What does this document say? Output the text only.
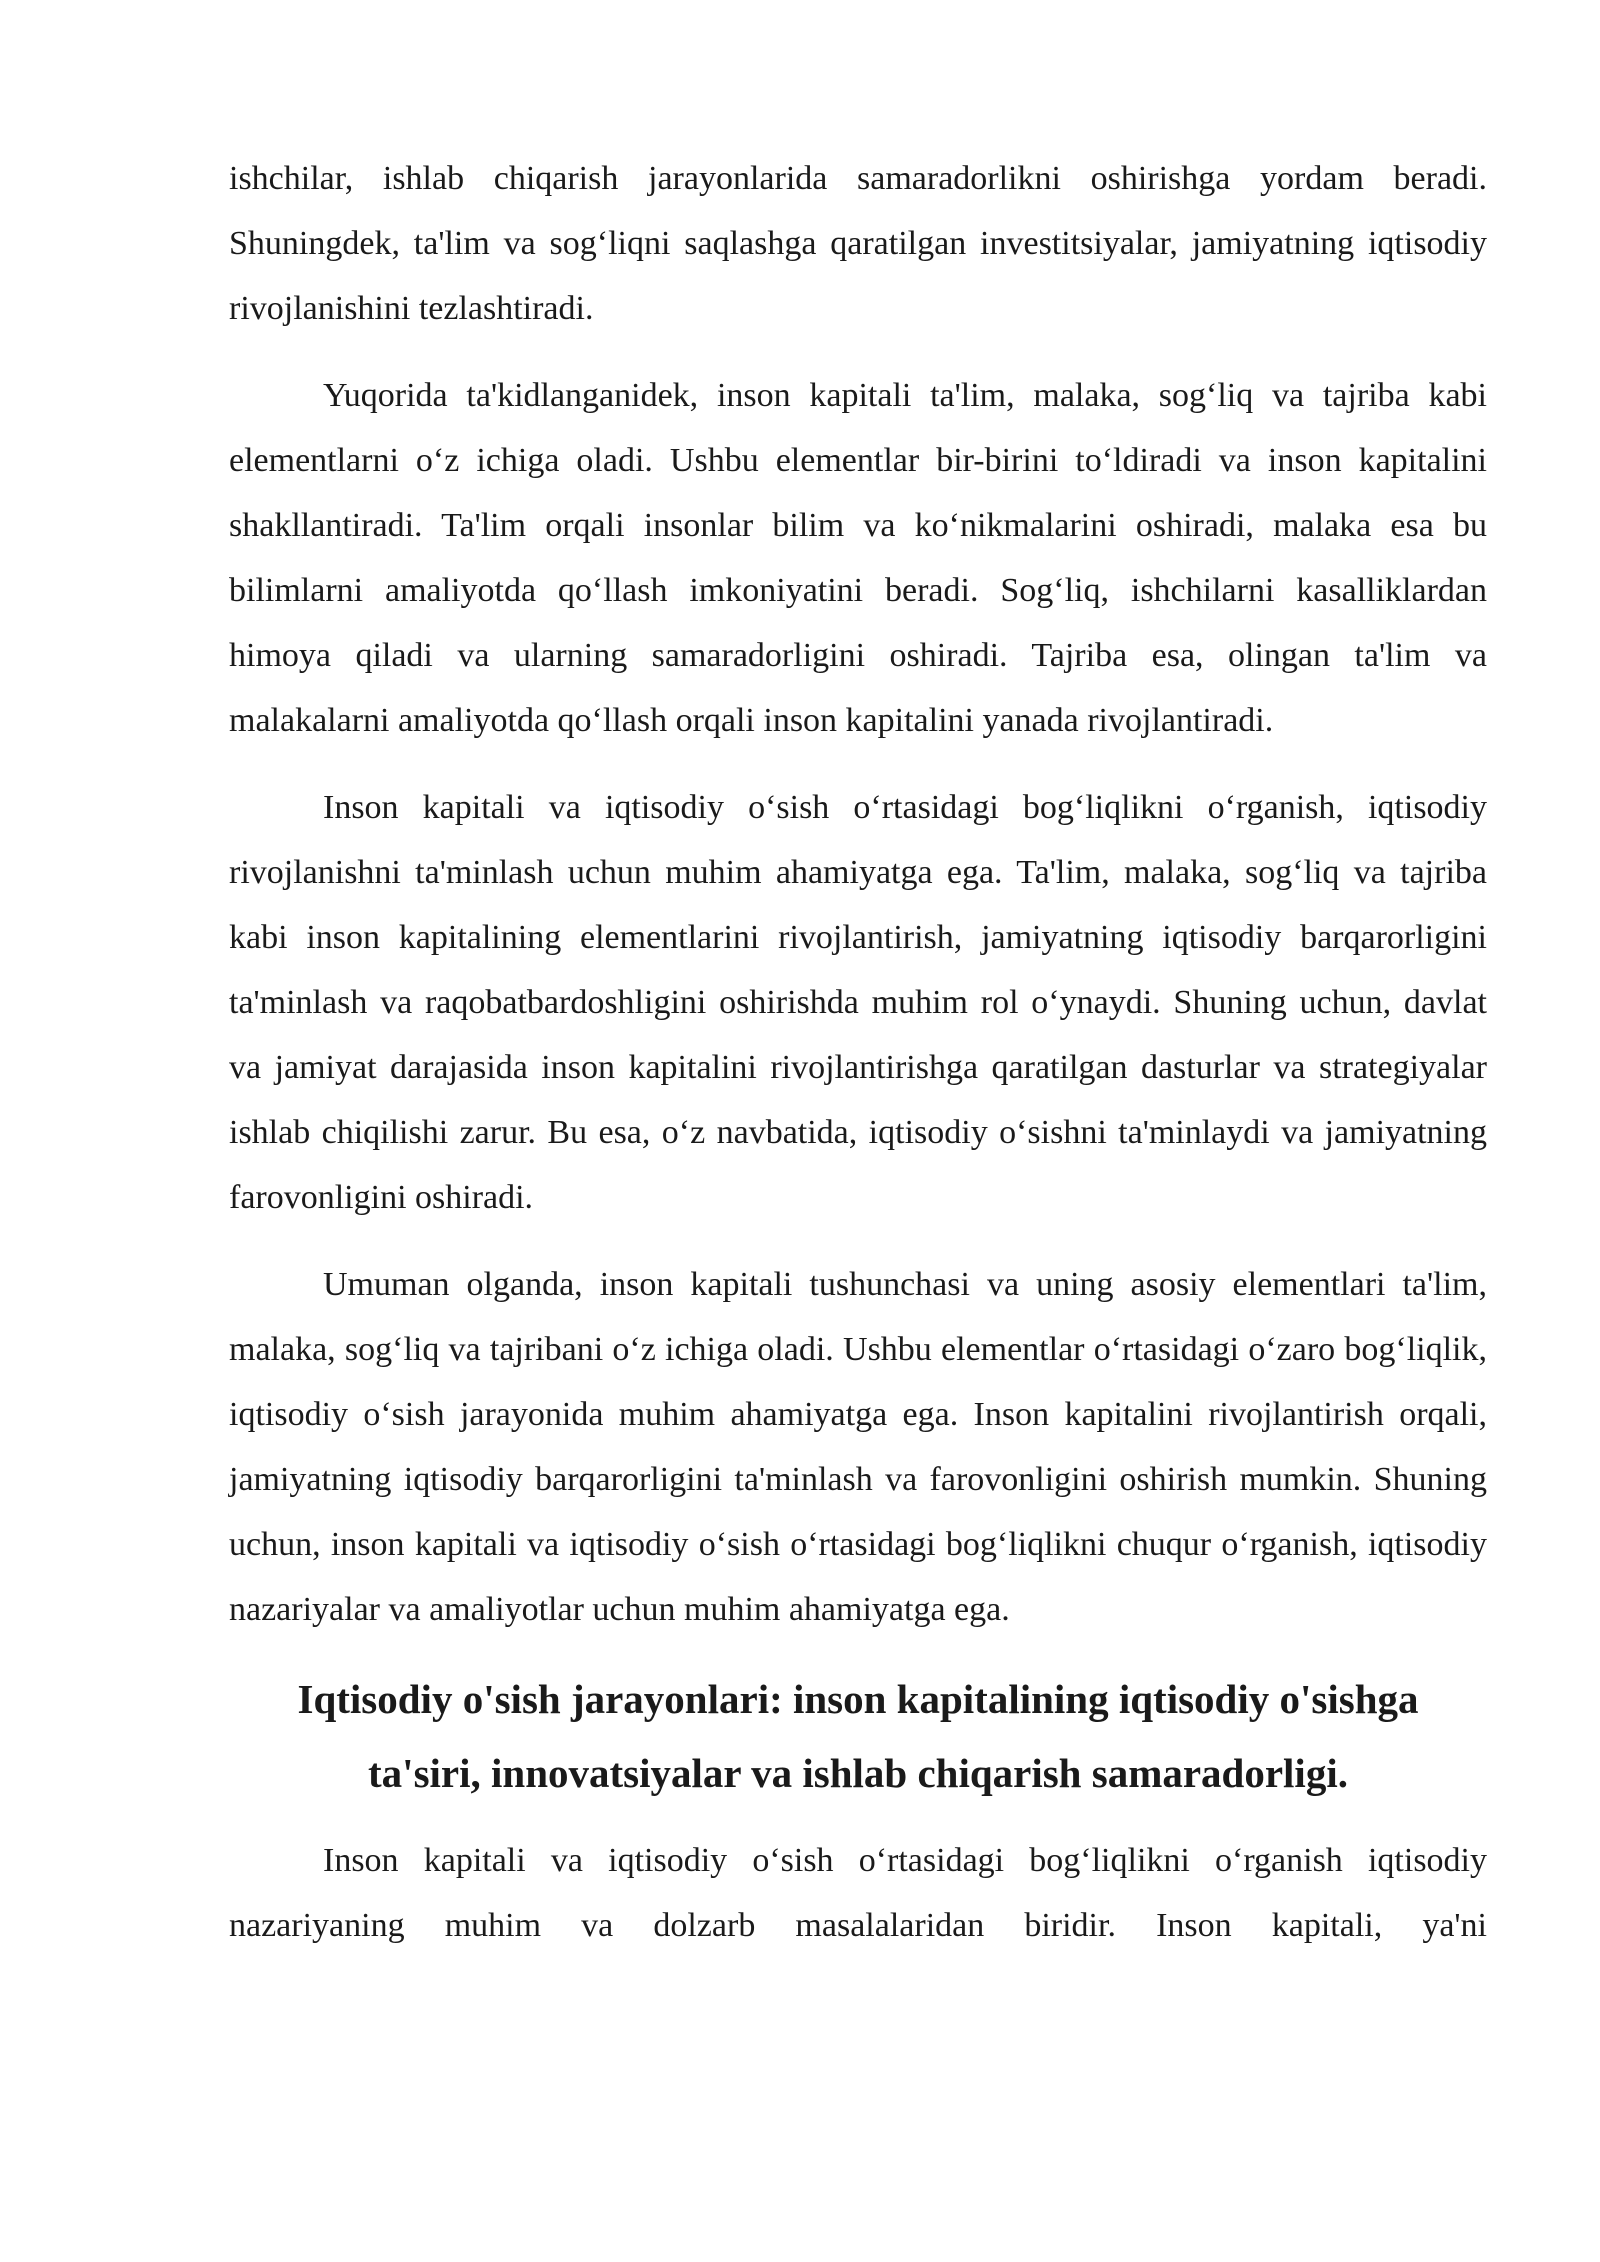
ishchilar, ishlab chiqarish jarayonlarida samaradorlikni oshirishga yordam beradi. Shuningdek, ta'lim va sog‘liqni saqlashga qaratilgan investitsiyalar, jamiyatning iqtisodiy rivojlanishini tezlashtiradi.

Yuqorida ta'kidlanganidek, inson kapitali ta'lim, malaka, sog‘liq va tajriba kabi elementlarni o‘z ichiga oladi. Ushbu elementlar bir-birini to‘ldiradi va inson kapitalini shakllantiradi. Ta'lim orqali insonlar bilim va ko‘nikmalarini oshiradi, malaka esa bu bilimlarni amaliyotda qo‘llash imkoniyatini beradi. Sog‘liq, ishchilarni kasalliklardan himoya qiladi va ularning samaradorligini oshiradi. Tajriba esa, olingan ta'lim va malakalarni amaliyotda qo‘llash orqali inson kapitalini yanada rivojlantiradi.

Inson kapitali va iqtisodiy o‘sish o‘rtasidagi bog‘liqlikni o‘rganish, iqtisodiy rivojlanishni ta'minlash uchun muhim ahamiyatga ega. Ta'lim, malaka, sog‘liq va tajriba kabi inson kapitalining elementlarini rivojlantirish, jamiyatning iqtisodiy barqarorligini ta'minlash va raqobatbardoshligini oshirishda muhim rol o‘ynaydi. Shuning uchun, davlat va jamiyat darajasida inson kapitalini rivojlantirishga qaratilgan dasturlar va strategiyalar ishlab chiqilishi zarur. Bu esa, o‘z navbatida, iqtisodiy o‘sishni ta'minlaydi va jamiyatning farovonligini oshiradi.

Umuman olganda, inson kapitali tushunchasi va uning asosiy elementlari ta'lim, malaka, sog‘liq va tajribani o‘z ichiga oladi. Ushbu elementlar o‘rtasidagi o‘zaro bog‘liqlik, iqtisodiy o‘sish jarayonida muhim ahamiyatga ega. Inson kapitalini rivojlantirish orqali, jamiyatning iqtisodiy barqarorligini ta'minlash va farovonligini oshirish mumkin. Shuning uchun, inson kapitali va iqtisodiy o‘sish o‘rtasidagi bog‘liqlikni chuqur o‘rganish, iqtisodiy nazariyalar va amaliyotlar uchun muhim ahamiyatga ega.

Iqtisodiy o'sish jarayonlari: inson kapitalining iqtisodiy o'sishga ta'siri, innovatsiyalar va ishlab chiqarish samaradorligi.

Inson kapitali va iqtisodiy o‘sish o‘rtasidagi bog‘liqlikni o‘rganish iqtisodiy nazariyaning muhim va dolzarb masalalaridan biridir. Inson kapitali, ya'ni
